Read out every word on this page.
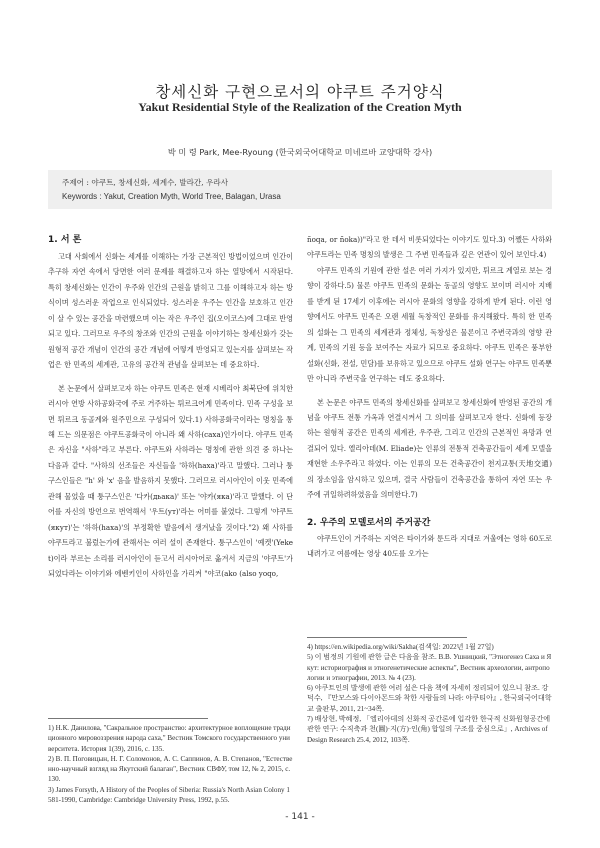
창세신화 구현으로서의 야쿠트 주거양식
Yakut Residential Style of the Realization of the Creation Myth
박 미 령 Park, Mee-Ryoung (한국외국어대학교 미네르바 교양대학 강사)
주제어 : 야쿠트, 창세신화, 세계수, 발라간, 우라사
Keywords : Yakut, Creation Myth, World Tree, Balagan, Urasa

1. 서 론

고대 사회에서 신화는 세계를 이해하는 가장 근본적인 방법이었으며 인간이 추구하 자연 속에서 당면한 여러 문제를 해결하고자 하는 열망에서 시작된다. 특히 창세신화는 인간이 우주와 인간의 근원을 밝히고 그를 이해하고자 하는 방식이며 성스러운 작업으로 인식되었다. 성스러운 우주는 인간을 보호하고 인간이 살 수 있는 공간을 마련했으며 이는 작은 우주인 집(오이코스)에 그대로 반영되고 있다. 그러므로 우주의 창조와 인간의 근원을 이야기하는 창세신화가 갖는 원형적 공간 개념이 인간의 공간 개념에 어떻게 반영되고 있는지를 살펴보는 작업은 한 민족의 세계관, 고유의 공간적 관념을 살펴보는 데 중요하다.

본 논문에서 살펴보고자 하는 야쿠트 민족은 현재 시베리아 최북단에 위치한 러시아 연방 사하공화국에 주로 거주하는 튀르크어계 민족이다. 민족 구성을 보면 튀르크 동골계와 원주민으로 구성되어 있다.1) 사하공화국이라는 명칭을 통해 드는 의문점은 야쿠트공화국이 아니라 왜 사하(саха)인가이다. 야쿠트 민족은 자신을 "사하"라고 부른다. 야쿠트와 사하라는 명칭에 관한 의견 중 하나는 다음과 같다. "사하의 선조들은 자신들을 '하하(haxa)'라고 말했다. 그러나 퉁구스인들은 "h' 와 'x' 음을 발음하지 못했다. 그러므로 러시아인이 이웃 민족에 관해 물었을 때 퉁구스인은 '다카(дьака)' 또는 '야카(яка)'라고 말했다. 이 단어를 자신의 방언으로 번역해서 '우트(ут)'라는 어미를 붙였다. 그렇게 '야쿠트(якут)'는 '하하(haxa)'의 부정확한 발음에서 생겨났을 것이다."2) 왜 사하를 야쿠트라고 불렀는가에 관해서는 여러 설이 존재한다. 퉁구스인이 '예켓'(Yeket)이라 부르는 소리를 러시아인이 듣고서 러시아어로 옮겨서 지금의 '야쿠트'가 되었다라는 이야기와 에벤키인이 사하인을 가리켜 "야코(ako (also yoqo,

ñoqa, or ñoka))"라고 한 데서 비롯되었다는 이야기도 있다.3) 어쨌든 사하와 야쿠트라는 민족 명칭의 발생은 그 주변 민족들과 깊은 연관이 있어 보인다.4)

야쿠트 민족의 기원에 관한 설은 여러 가지가 있지만, 튀르크 계열로 보는 경향이 강하다.5) 물론 야쿠트 민족의 문화는 동골의 영향도 보이며 러시아 지배를 받게 된 17세기 이후에는 러시아 문화의 영향을 강하게 받게 된다. 이런 영향에서도 야쿠트 민족은 오랜 세월 독창적인 문화를 유지해왔다. 특히 한 민족의 설화는 그 민족의 세계관과 정체성, 독창성은 물론이고 주변국과의 영향 관계, 민족의 기원 등을 보여주는 자료가 되므로 중요하다. 야쿠트 민족은 풍부한 설화(신화, 전설, 민담)를 보유하고 있으므로 야쿠트 설화 연구는 야쿠트 민족뿐만 아니라 주변국을 연구하는 데도 중요하다.

본 논문은 야쿠트 민족의 창세신화를 살펴보고 창세신화에 반영된 공간의 개념을 야쿠트 전통 가옥과 연결시켜서 그 의미를 살펴보고자 한다. 신화에 등장하는 원형적 공간은 민족의 세계관, 우주관, 그리고 인간의 근본적인 욕망과 연결되어 있다. 엘리아데(M. Eliade)는 인류의 전통적 건축공간들이 세계 모델을 재현한 소우주라고 하였다. 이는 인류의 모든 건축공간이 천지교통(天地交通)의 장소임을 암시하고 있으며, 결국 사람들이 건축공간을 통하여 자연 또는 우주에 귀일하려하였음을 의미한다.7)

2. 우주의 모델로서의 주거공간

야쿠트인이 거주하는 지역은 타이가와 툰드라 지대로 겨울에는 영하 60도로 내려가고 여름에는 영상 40도를 오가는

1) Н.К. Данилова, "Сакральное пространство: архитектурное воплощение традиционного мировоззрения народа саха," Вестник Томского государственного университета. История 1(39), 2016, с. 135.

2) В. П. Поговицын, Н. Г. Соломонов, А. С. Саппинов, А. В. Степанов, "Естественно-научный взгляд на Якутский балаган", Вестник СВФУ, том 12, № 2, 2015, c. 130.

3) James Forsyth, A History of the Peoples of Siberia: Russia's North Asian Colony 1581-1990, Cambridge: Cambridge University Press, 1992, p.55.

4) https://en.wikipedia.org/wiki/Sakha(검색일: 2022년 1월 27일)

5) 이 범정의 기원에 관한 글은 다음을 참조. В.В. Ушницкий, "Этногенез Саха и Якут: историография и этногенетические аспекты", Вестник археологии, антропологии и этнографии, 2013. № 4 (23).

6) 야쿠트인의 발생에 관한 여러 설은 다음 책에 자세히 정리되어 있으니 참조. 강덕수, 『만모스와 다이아몬드와 착한 사람들의 나라: 야쿠티아』, 한국외국어대학교 출판부, 2011, 21~34쪽.

7) 배상현, 박혜정, 「엘리아데의 신화적 공간론에 입각한 한국적 신화원형공간에 관한 연구: 수직축과 천(圓)·지(方)·인(角) 합일의 구조를 중심으로」, Archives of Design Research 25.4, 2012, 103쪽.

- 141 -
